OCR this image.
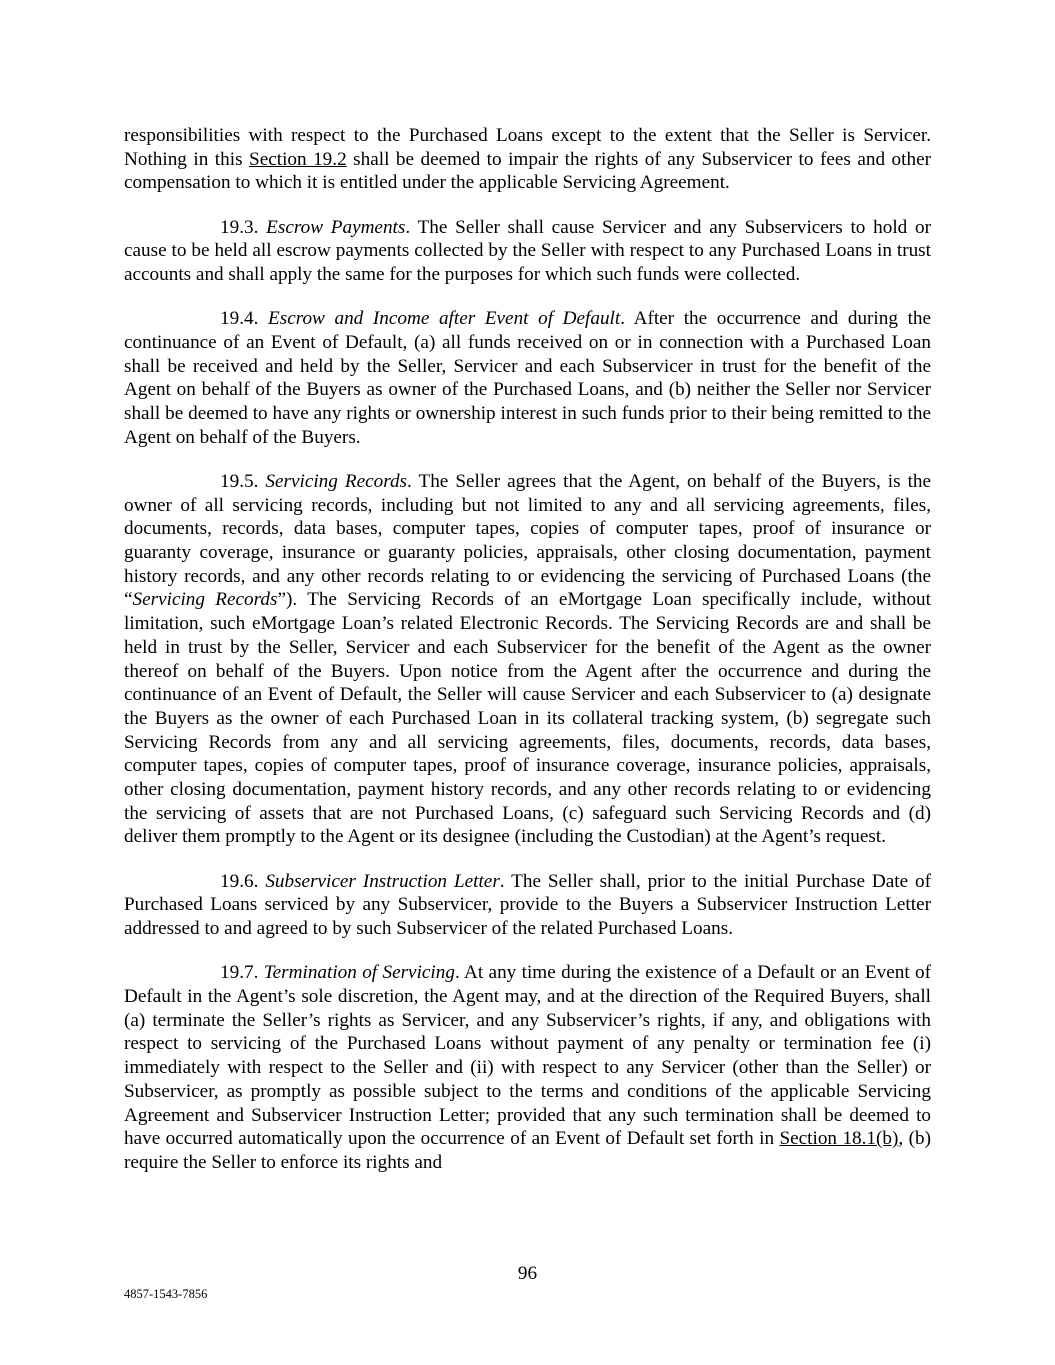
responsibilities with respect to the Purchased Loans except to the extent that the Seller is Servicer. Nothing in this Section 19.2 shall be deemed to impair the rights of any Subservicer to fees and other compensation to which it is entitled under the applicable Servicing Agreement.

19.3. Escrow Payments. The Seller shall cause Servicer and any Subservicers to hold or cause to be held all escrow payments collected by the Seller with respect to any Purchased Loans in trust accounts and shall apply the same for the purposes for which such funds were collected.

19.4. Escrow and Income after Event of Default. After the occurrence and during the continuance of an Event of Default, (a) all funds received on or in connection with a Purchased Loan shall be received and held by the Seller, Servicer and each Subservicer in trust for the benefit of the Agent on behalf of the Buyers as owner of the Purchased Loans, and (b) neither the Seller nor Servicer shall be deemed to have any rights or ownership interest in such funds prior to their being remitted to the Agent on behalf of the Buyers.

19.5. Servicing Records. The Seller agrees that the Agent, on behalf of the Buyers, is the owner of all servicing records, including but not limited to any and all servicing agreements, files, documents, records, data bases, computer tapes, copies of computer tapes, proof of insurance or guaranty coverage, insurance or guaranty policies, appraisals, other closing documentation, payment history records, and any other records relating to or evidencing the servicing of Purchased Loans (the “Servicing Records”). The Servicing Records of an eMortgage Loan specifically include, without limitation, such eMortgage Loan’s related Electronic Records. The Servicing Records are and shall be held in trust by the Seller, Servicer and each Subservicer for the benefit of the Agent as the owner thereof on behalf of the Buyers. Upon notice from the Agent after the occurrence and during the continuance of an Event of Default, the Seller will cause Servicer and each Subservicer to (a) designate the Buyers as the owner of each Purchased Loan in its collateral tracking system, (b) segregate such Servicing Records from any and all servicing agreements, files, documents, records, data bases, computer tapes, copies of computer tapes, proof of insurance coverage, insurance policies, appraisals, other closing documentation, payment history records, and any other records relating to or evidencing the servicing of assets that are not Purchased Loans, (c) safeguard such Servicing Records and (d) deliver them promptly to the Agent or its designee (including the Custodian) at the Agent’s request.

19.6. Subservicer Instruction Letter. The Seller shall, prior to the initial Purchase Date of Purchased Loans serviced by any Subservicer, provide to the Buyers a Subservicer Instruction Letter addressed to and agreed to by such Subservicer of the related Purchased Loans.

19.7. Termination of Servicing. At any time during the existence of a Default or an Event of Default in the Agent’s sole discretion, the Agent may, and at the direction of the Required Buyers, shall (a) terminate the Seller’s rights as Servicer, and any Subservicer’s rights, if any, and obligations with respect to servicing of the Purchased Loans without payment of any penalty or termination fee (i) immediately with respect to the Seller and (ii) with respect to any Servicer (other than the Seller) or Subservicer, as promptly as possible subject to the terms and conditions of the applicable Servicing Agreement and Subservicer Instruction Letter; provided that any such termination shall be deemed to have occurred automatically upon the occurrence of an Event of Default set forth in Section 18.1(b), (b) require the Seller to enforce its rights and

96
4857-1543-7856
